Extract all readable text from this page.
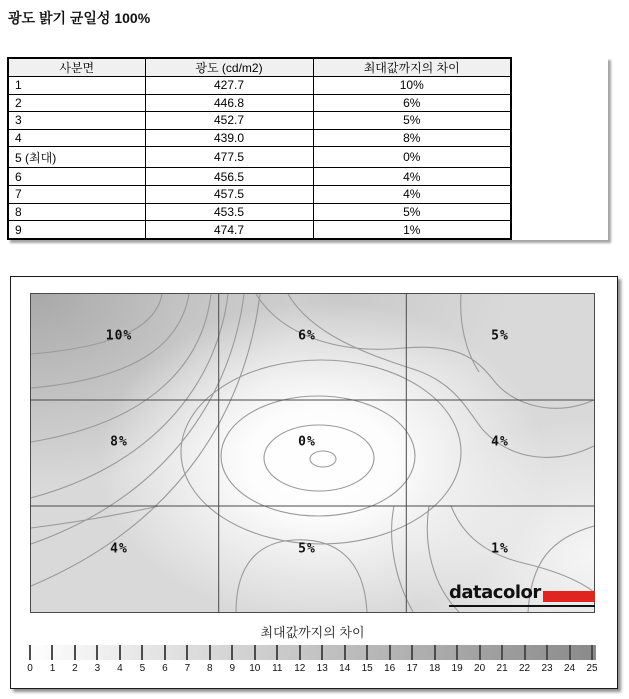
광도 밝기 균일성 100%
사분면	광도 (cd/m2)	최대값까지의 차이
1	427.7	10%
2	446.8	6%
3	452.7	5%
4	439.0	8%
5 (최대)	477.5	0%
6	456.5	4%
7	457.5	4%
8	453.5	5%
9	474.7	1%
10%	6%	5%
8%	0%	4%
4%	5%	1%
datacolor
최대값까지의 차이
0 1 2 3 4 5 6 7 8 9 10 11 12 13 14 15 16 17 18 19 20 21 22 23 24 25
